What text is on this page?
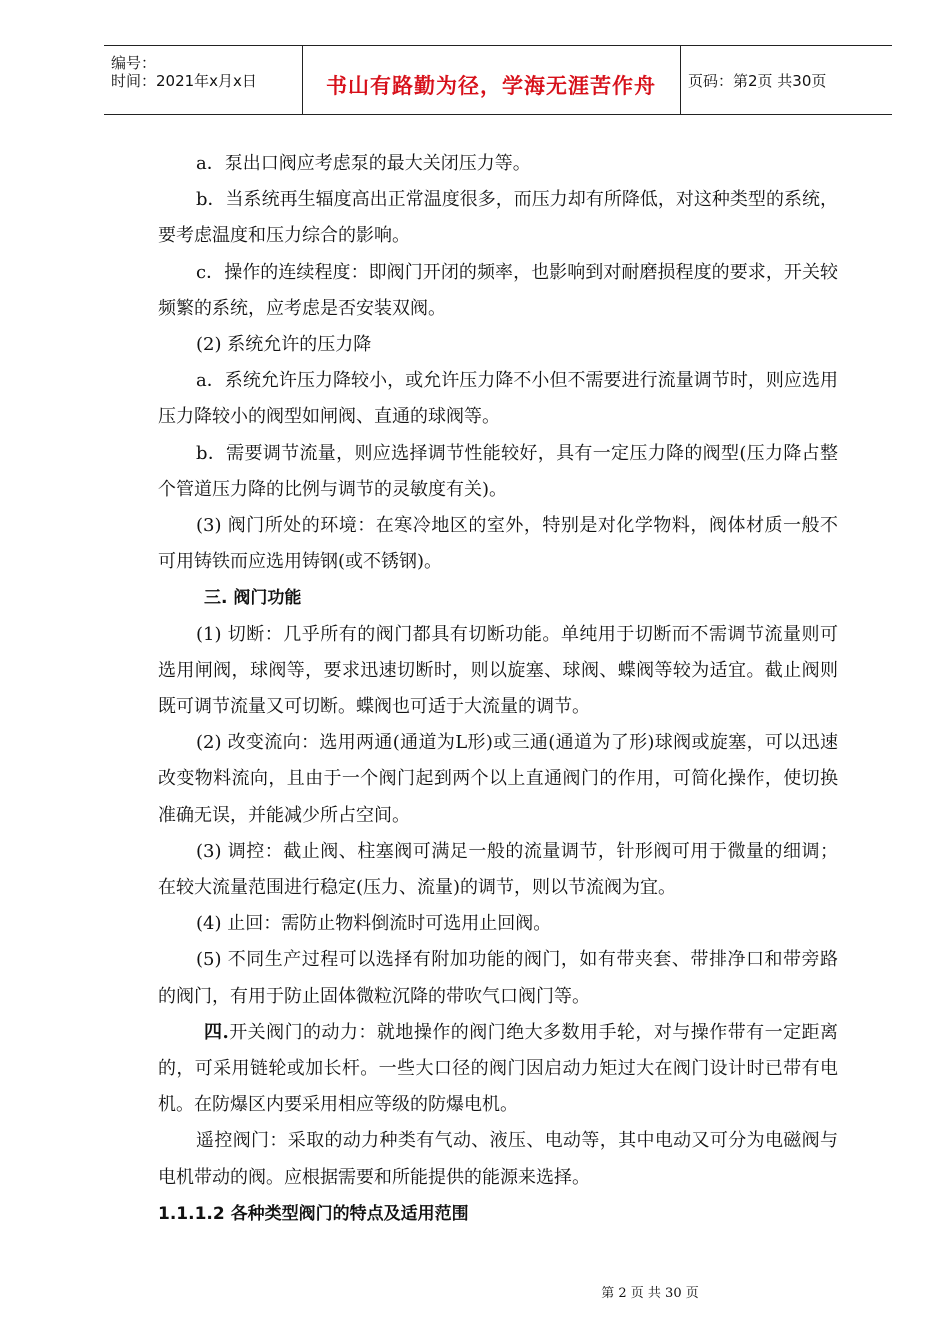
编号：
时间：2021年x月x日	书山有路勤为径，学海无涯苦作舟	页码：第2页 共30页

a．泵出口阀应考虑泵的最大关闭压力等。

b．当系统再生辐度高出正常温度很多，而压力却有所降低，对这种类型的系统，要考虑温度和压力综合的影响。

c．操作的连续程度：即阀门开闭的频率，也影响到对耐磨损程度的要求，开关较频繁的系统，应考虑是否安装双阀。

(2) 系统允许的压力降

a．系统允许压力降较小，或允许压力降不小但不需要进行流量调节时，则应选用压力降较小的阀型如闸阀、直通的球阀等。

b．需要调节流量，则应选择调节性能较好，具有一定压力降的阀型(压力降占整个管道压力降的比例与调节的灵敏度有关)。

(3) 阀门所处的环境：在寒冷地区的室外，特别是对化学物料，阀体材质一般不可用铸铁而应选用铸钢(或不锈钢)。

三. 阀门功能

(1) 切断：几乎所有的阀门都具有切断功能。单纯用于切断而不需调节流量则可选用闸阀，球阀等，要求迅速切断时，则以旋塞、球阀、蝶阀等较为适宜。截止阀则既可调节流量又可切断。蝶阀也可适于大流量的调节。

(2) 改变流向：选用两通(通道为L形)或三通(通道为了形)球阀或旋塞，可以迅速改变物料流向，且由于一个阀门起到两个以上直通阀门的作用，可简化操作，使切换准确无误，并能减少所占空间。

(3) 调控：截止阀、柱塞阀可满足一般的流量调节，针形阀可用于微量的细调；在较大流量范围进行稳定(压力、流量)的调节，则以节流阀为宜。

(4) 止回：需防止物料倒流时可选用止回阀。

(5) 不同生产过程可以选择有附加功能的阀门，如有带夹套、带排净口和带旁路的阀门，有用于防止固体微粒沉降的带吹气口阀门等。

四.开关阀门的动力：就地操作的阀门绝大多数用手轮，对与操作带有一定距离的，可采用链轮或加长杆。一些大口径的阀门因启动力矩过大在阀门设计时已带有电机。在防爆区内要采用相应等级的防爆电机。

遥控阀门：采取的动力种类有气动、液压、电动等，其中电动又可分为电磁阀与电机带动的阀。应根据需要和所能提供的能源来选择。

1.1.1.2 各种类型阀门的特点及适用范围

第 2 页 共 30 页
